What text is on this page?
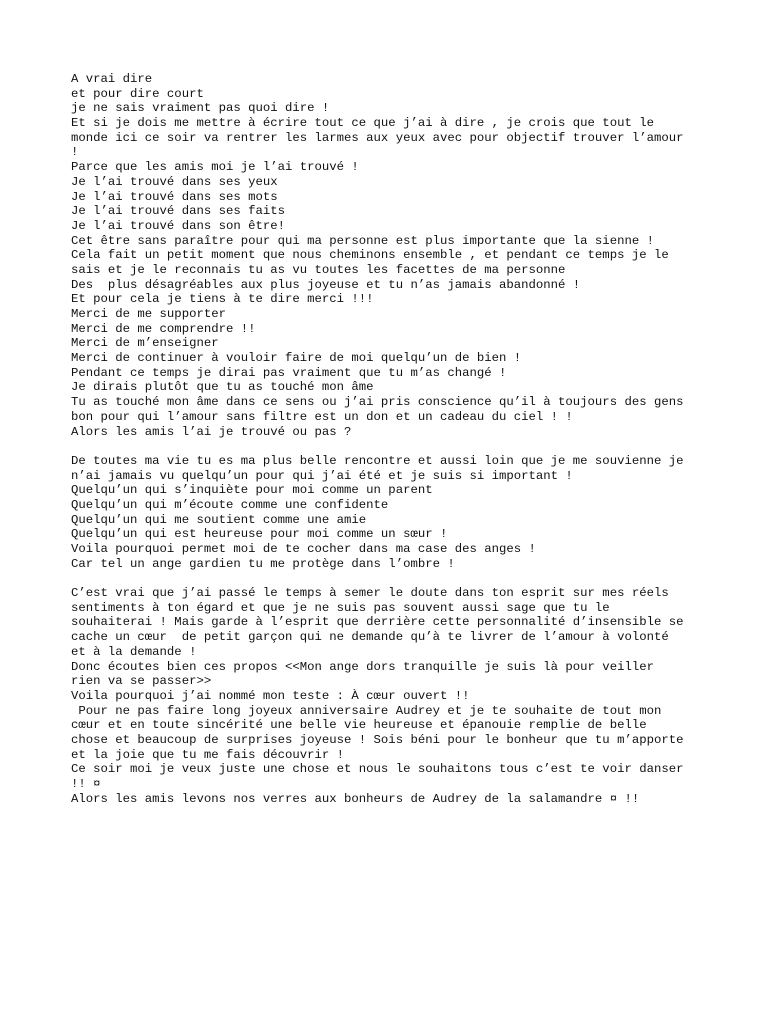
A vrai dire
et pour dire court
je ne sais vraiment pas quoi dire !
Et si je dois me mettre à écrire tout ce que j’ai à dire , je crois que tout le
monde ici ce soir va rentrer les larmes aux yeux avec pour objectif trouver l’amour
!
Parce que les amis moi je l’ai trouvé !
Je l’ai trouvé dans ses yeux
Je l’ai trouvé dans ses mots
Je l’ai trouvé dans ses faits
Je l’ai trouvé dans son être!
Cet être sans paraître pour qui ma personne est plus importante que la sienne !
Cela fait un petit moment que nous cheminons ensemble , et pendant ce temps je le
sais et je le reconnais tu as vu toutes les facettes de ma personne
Des  plus désagréables aux plus joyeuse et tu n’as jamais abandonné !
Et pour cela je tiens à te dire merci !!!
Merci de me supporter
Merci de me comprendre !!
Merci de m’enseigner
Merci de continuer à vouloir faire de moi quelqu’un de bien !
Pendant ce temps je dirai pas vraiment que tu m’as changé !
Je dirais plutôt que tu as touché mon âme
Tu as touché mon âme dans ce sens ou j’ai pris conscience qu’il à toujours des gens
bon pour qui l’amour sans filtre est un don et un cadeau du ciel ! !
Alors les amis l’ai je trouvé ou pas ?
De toutes ma vie tu es ma plus belle rencontre et aussi loin que je me souvienne je
n’ai jamais vu quelqu’un pour qui j’ai été et je suis si important !
Quelqu’un qui s’inquiète pour moi comme un parent
Quelqu’un qui m’écoute comme une confidente
Quelqu’un qui me soutient comme une amie
Quelqu’un qui est heureuse pour moi comme un sœur !
Voila pourquoi permet moi de te cocher dans ma case des anges !
Car tel un ange gardien tu me protège dans l’ombre !
C’est vrai que j’ai passé le temps à semer le doute dans ton esprit sur mes réels
sentiments à ton égard et que je ne suis pas souvent aussi sage que tu le
souhaiterai ! Mais garde à l’esprit que derrière cette personnalité d’insensible se
cache un cœur  de petit garçon qui ne demande qu’à te livrer de l’amour à volonté
et à la demande !
Donc écoutes bien ces propos <<Mon ange dors tranquille je suis là pour veiller
rien va se passer>>
Voila pourquoi j’ai nommé mon teste : À cœur ouvert !!
Pour ne pas faire long joyeux anniversaire Audrey et je te souhaite de tout mon
cœur et en toute sincérité une belle vie heureuse et épanouie remplie de belle
chose et beaucoup de surprises joyeuse ! Sois béni pour le bonheur que tu m’apporte
et la joie que tu me fais découvrir !
Ce soir moi je veux juste une chose et nous le souhaitons tous c’est te voir danser
!! ¤
Alors les amis levons nos verres aux bonheurs de Audrey de la salamandre ¤ !!
